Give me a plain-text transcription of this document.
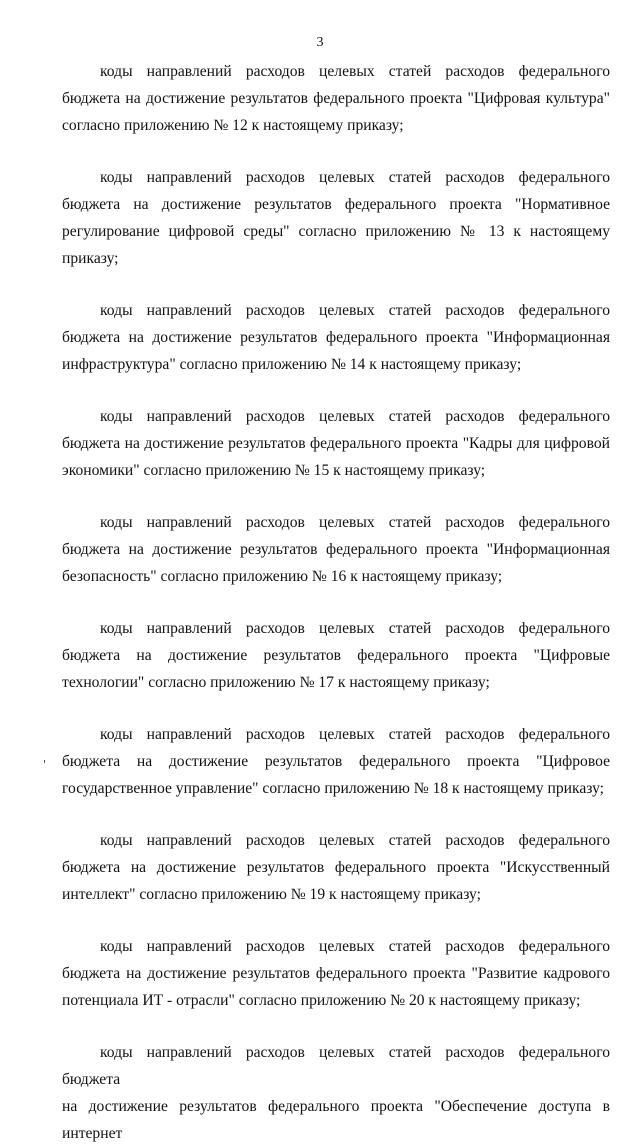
3

коды направлений расходов целевых статей расходов федерального бюджета на достижение результатов федерального проекта "Цифровая культура" согласно приложению № 12 к настоящему приказу;

коды направлений расходов целевых статей расходов федерального бюджета на достижение результатов федерального проекта "Нормативное регулирование цифровой среды" согласно приложению № 13 к настоящему приказу;

коды направлений расходов целевых статей расходов федерального бюджета на достижение результатов федерального проекта "Информационная инфраструктура" согласно приложению № 14 к настоящему приказу;

коды направлений расходов целевых статей расходов федерального бюджета на достижение результатов федерального проекта "Кадры для цифровой экономики" согласно приложению № 15 к настоящему приказу;

коды направлений расходов целевых статей расходов федерального бюджета на достижение результатов федерального проекта "Информационная безопасность" согласно приложению № 16 к настоящему приказу;

коды направлений расходов целевых статей расходов федерального бюджета на достижение результатов федерального проекта "Цифровые технологии" согласно приложению № 17 к настоящему приказу;

коды направлений расходов целевых статей расходов федерального бюджета на достижение результатов федерального проекта "Цифровое государственное управление" согласно приложению № 18 к настоящему приказу;

коды направлений расходов целевых статей расходов федерального бюджета на достижение результатов федерального проекта "Искусственный интеллект" согласно приложению № 19 к настоящему приказу;

коды направлений расходов целевых статей расходов федерального бюджета на достижение результатов федерального проекта "Развитие кадрового потенциала ИТ - отрасли" согласно приложению № 20 к настоящему приказу;

коды направлений расходов целевых статей расходов федерального бюджета
на достижение результатов федерального проекта "Обеспечение доступа в интернет
